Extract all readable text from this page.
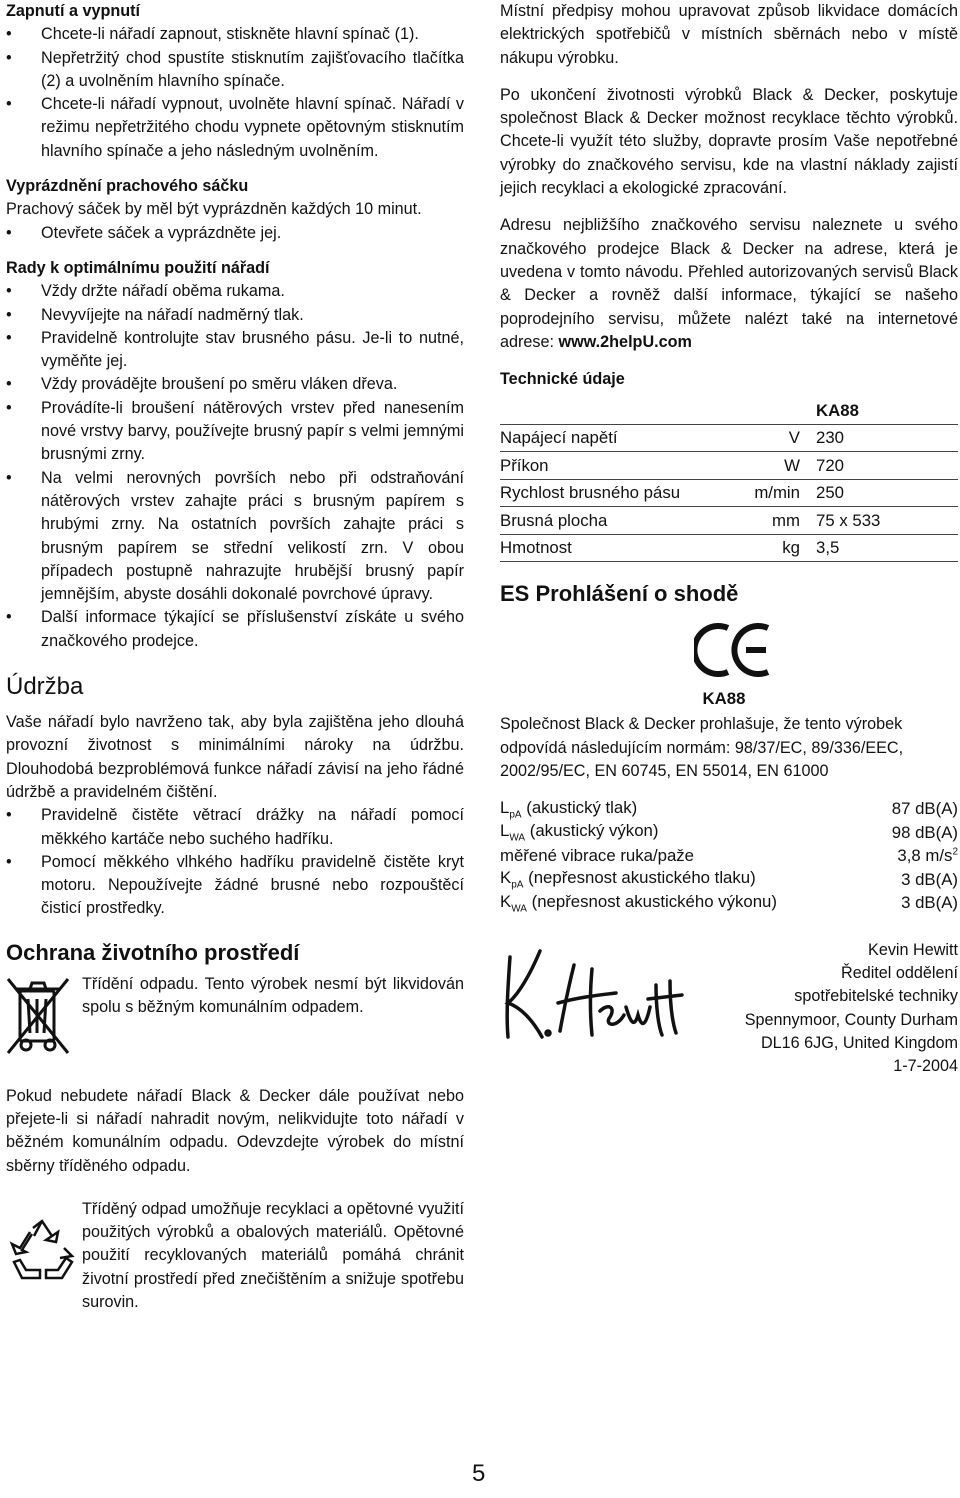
Zapnutí a vypnutí

• Chcete-li nářadí zapnout, stiskněte hlavní spínač (1).
• Nepřetržitý chod spustíte stisknutím zajišťovacího tlačítka (2) a uvolněním hlavního spínače.
• Chcete-li nářadí vypnout, uvolněte hlavní spínač. Nářadí v režimu nepřetržitého chodu vypnete opětovným stisknutím hlavního spínače a jeho následným uvolněním.

Vyprázdnění prachového sáčku

Prachový sáček by měl být vyprázdněn každých 10 minut.

• Otevřete sáček a vyprázdněte jej.

Rady k optimálnímu použití nářadí

• Vždy držte nářadí oběma rukama.
• Nevyvíjejte na nářadí nadměrný tlak.
• Pravidelně kontrolujte stav brusného pásu. Je-li to nutné, vyměňte jej.
• Vždy provádějte broušení po směru vláken dřeva.
• Provádíte-li broušení nátěrových vrstev před nanesením nové vrstvy barvy, používejte brusný papír s velmi jemnými brusnými zrny.
• Na velmi nerovných površích nebo při odstraňování nátěrových vrstev zahajte práci s brusným papírem s hrubými zrny. Na ostatních površích zahajte práci s brusným papírem se střední velikostí zrn. V obou případech postupně nahrazujte hrubější brusný papír jemnějším, abyste dosáhli dokonalé povrchové úpravy.
• Další informace týkající se příslušenství získáte u svého značkového prodejce.

Údržba

Vaše nářadí bylo navrženo tak, aby byla zajištěna jeho dlouhá provozní životnost s minimálními nároky na údržbu. Dlouhodobá bezproblémová funkce nářadí závisí na jeho řádné údržbě a pravidelném čištění.

• Pravidelně čistěte větrací drážky na nářadí pomocí měkkého kartáče nebo suchého hadříku.
• Pomocí měkkého vlhkého hadříku pravidelně čistěte kryt motoru. Nepoužívejte žádné brusné nebo rozpouštěcí čisticí prostředky.

Ochrana životního prostředí

Třídění odpadu. Tento výrobek nesmí být likvidován spolu s běžným komunálním odpadem.

Pokud nebudete nářadí Black & Decker dále používat nebo přejete-li si nářadí nahradit novým, nelikvidujte toto nářadí v běžném komunálním odpadu. Odevzdejte výrobek do místní sběrny tříděného odpadu.

Tříděný odpad umožňuje recyklaci a opětovné využití použitých výrobků a obalových materiálů. Opětovné použití recyklovaných materiálů pomáhá chránit životní prostředí před znečištěním a snižuje spotřebu surovin.

Místní předpisy mohou upravovat způsob likvidace domácích elektrických spotřebičů v místních sběrnách nebo v místě nákupu výrobku.

Po ukončení životnosti výrobků Black & Decker, poskytuje společnost Black & Decker možnost recyklace těchto výrobků. Chcete-li využít této služby, dopravte prosím Vaše nepotřebné výrobky do značkového servisu, kde na vlastní náklady zajistí jejich recyklaci a ekologické zpracování.

Adresu nejbližšího značkového servisu naleznete u svého značkového prodejce Black & Decker na adrese, která je uvedena v tomto návodu. Přehled autorizovaných servisů Black & Decker a rovněž další informace, týkající se našeho poprodejního servisu, můžete nalézt také na internetové adrese: www.2helpU.com

Technické údaje

		KA88
Napájecí napětí	V	230
Příkon	W	720
Rychlost brusného pásu	m/min	250
Brusná plocha	mm	75 x 533
Hmotnost	kg	3,5

ES Prohlášení o shodě

KA88

Společnost Black & Decker prohlašuje, že tento výrobek odpovídá následujícím normám: 98/37/EC, 89/336/EEC, 2002/95/EC, EN 60745, EN 55014, EN 61000

$L_{pA}$ (akustický tlak)	87 dB(A)
$L_{WA}$ (akustický výkon)	98 dB(A)
měřené vibrace ruka/paže	3,8 $m/s^2$
$K_{pA}$ (nepřesnost akustického tlaku)	3 dB(A)
$K_{WA}$ (nepřesnost akustického výkonu)	3 dB(A)

Kevin Hewitt

Ředitel oddělení

spotřebitelské techniky

Spennymoor, County Durham

DL16 6JG, United Kingdom

1-7-2004

5
